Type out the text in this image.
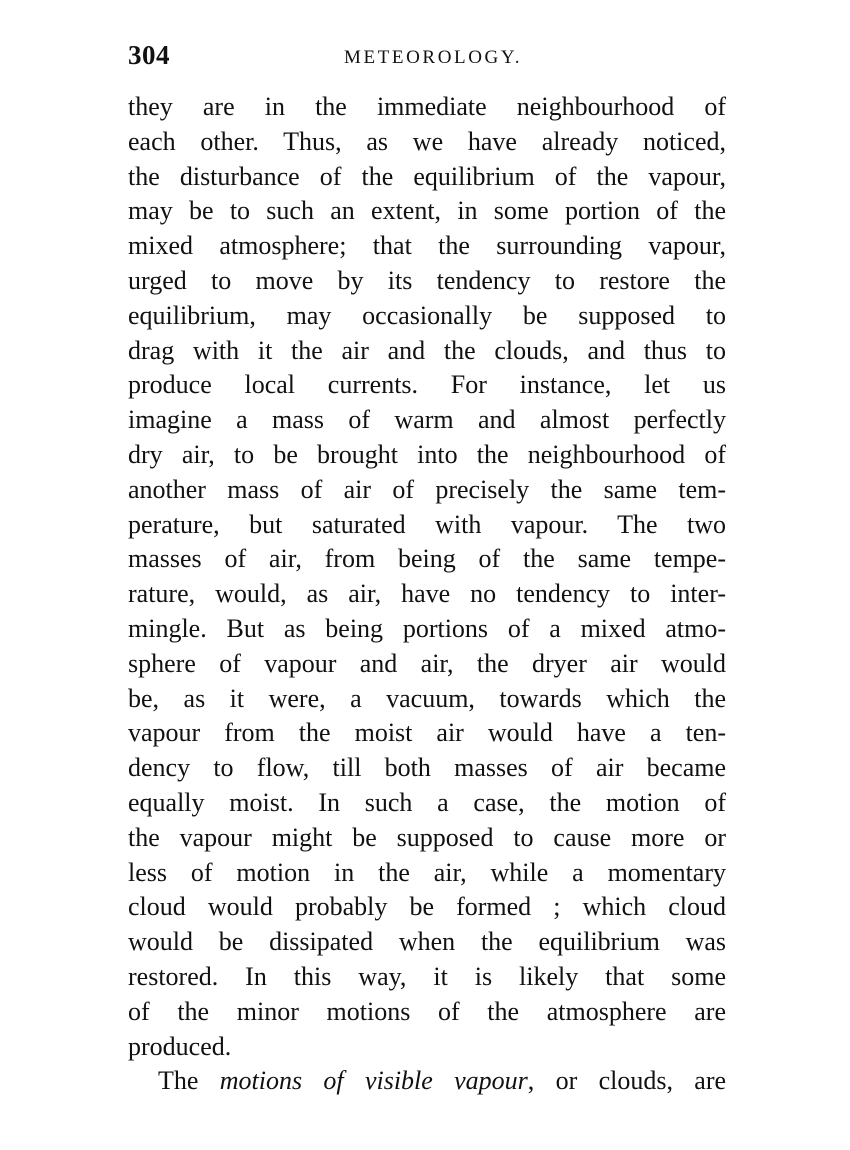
304	METEOROLOGY.
they are in the immediate neighbourhood of
each other. Thus, as we have already noticed,
the disturbance of the equilibrium of the vapour,
may be to such an extent, in some portion of the
mixed atmosphere; that the surrounding vapour,
urged to move by its tendency to restore the
equilibrium, may occasionally be supposed to
drag with it the air and the clouds, and thus to
produce local currents. For instance, let us
imagine a mass of warm and almost perfectly
dry air, to be brought into the neighbourhood of
another mass of air of precisely the same tem-
perature, but saturated with vapour. The two
masses of air, from being of the same tempe-
rature, would, as air, have no tendency to inter-
mingle. But as being portions of a mixed atmo-
sphere of vapour and air, the dryer air would
be, as it were, a vacuum, towards which the
vapour from the moist air would have a ten-
dency to flow, till both masses of air became
equally moist. In such a case, the motion of
the vapour might be supposed to cause more or
less of motion in the air, while a momentary
cloud would probably be formed ; which cloud
would be dissipated when the equilibrium was
restored. In this way, it is likely that some
of the minor motions of the atmosphere are
produced.
The motions of visible vapour, or clouds, are
